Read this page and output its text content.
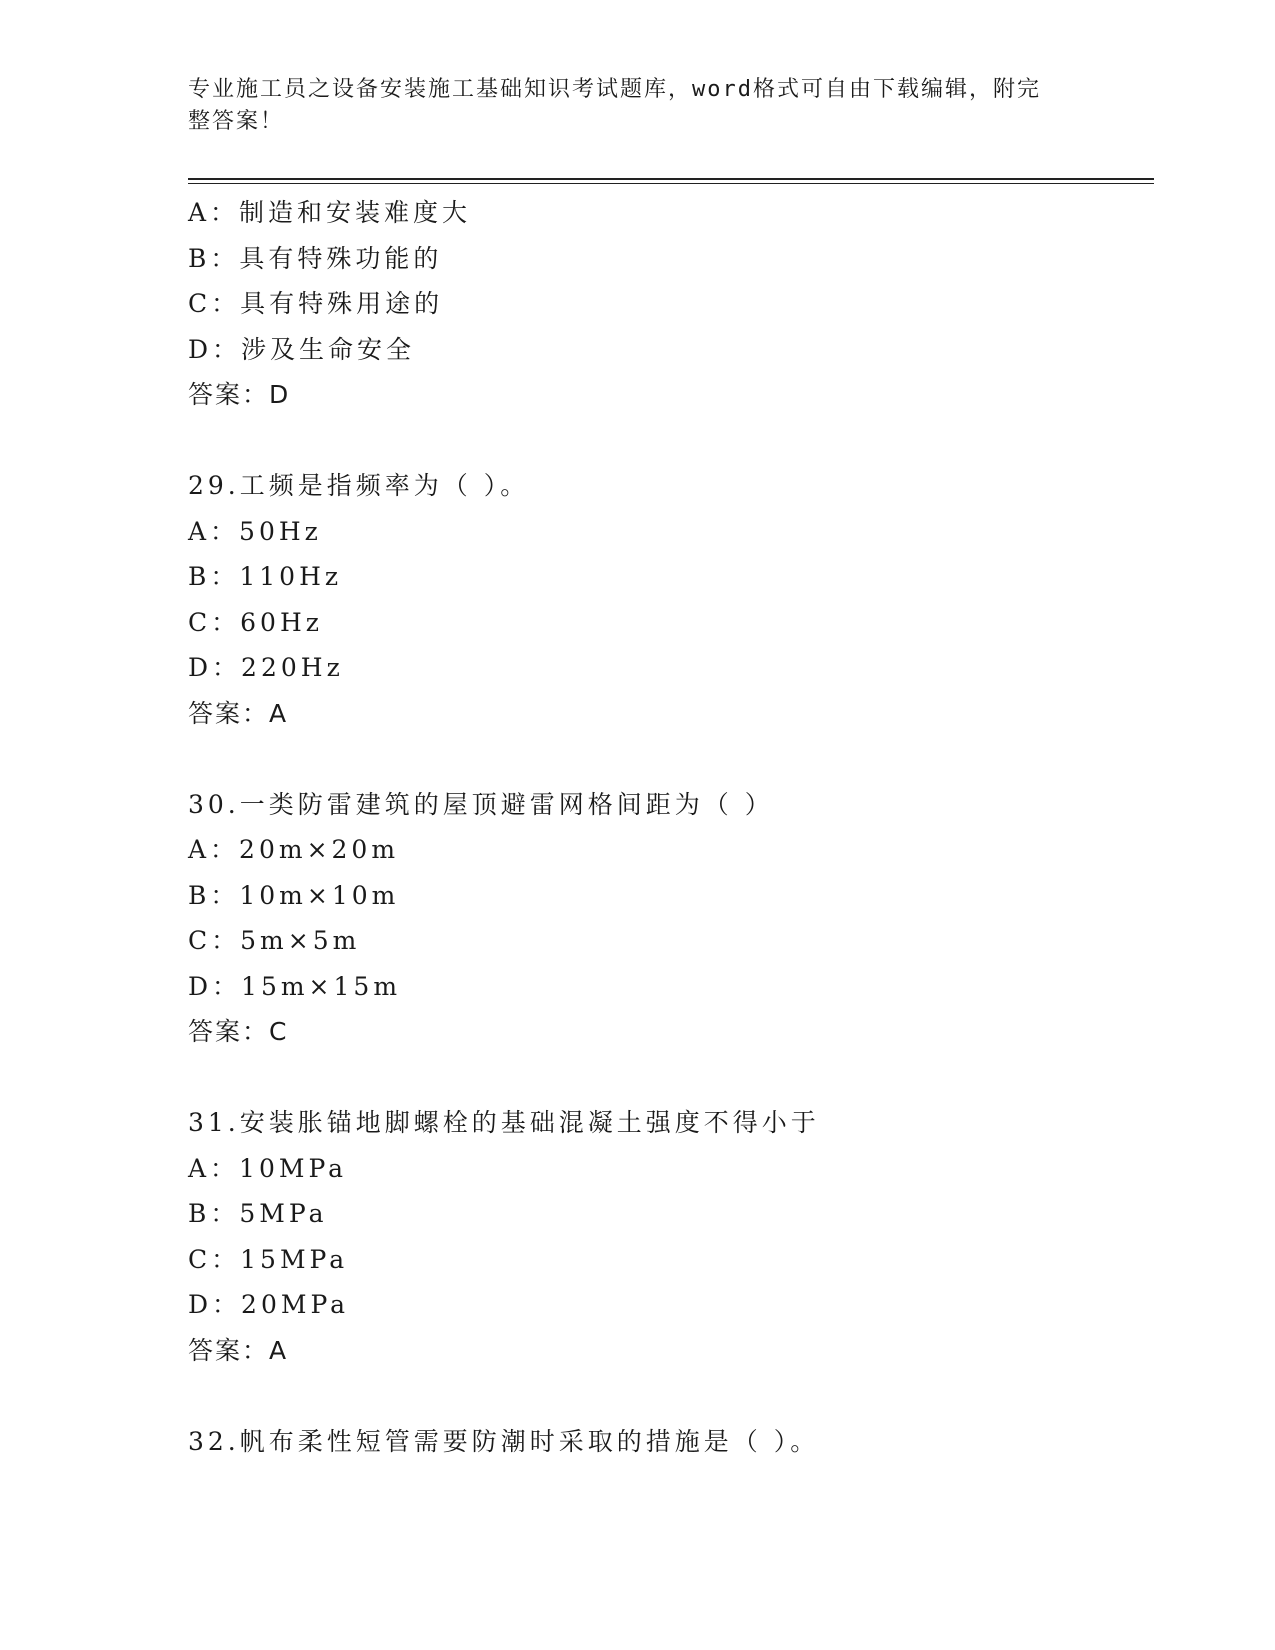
专业施工员之设备安装施工基础知识考试题库，word格式可自由下载编辑，附完
整答案！
A：制造和安装难度大
B：具有特殊功能的
C：具有特殊用途的
D：涉及生命安全
答案：D
29.工频是指频率为（ ）。
A：50Hz
B：110Hz
C：60Hz
D：220Hz
答案：A
30.一类防雷建筑的屋顶避雷网格间距为（ ）
A：20m×20m
B：10m×10m
C：5m×5m
D：15m×15m
答案：C
31.安装胀锚地脚螺栓的基础混凝土强度不得小于
A：10MPa
B：5MPa
C：15MPa
D：20MPa
答案：A
32.帆布柔性短管需要防潮时采取的措施是（ ）。
